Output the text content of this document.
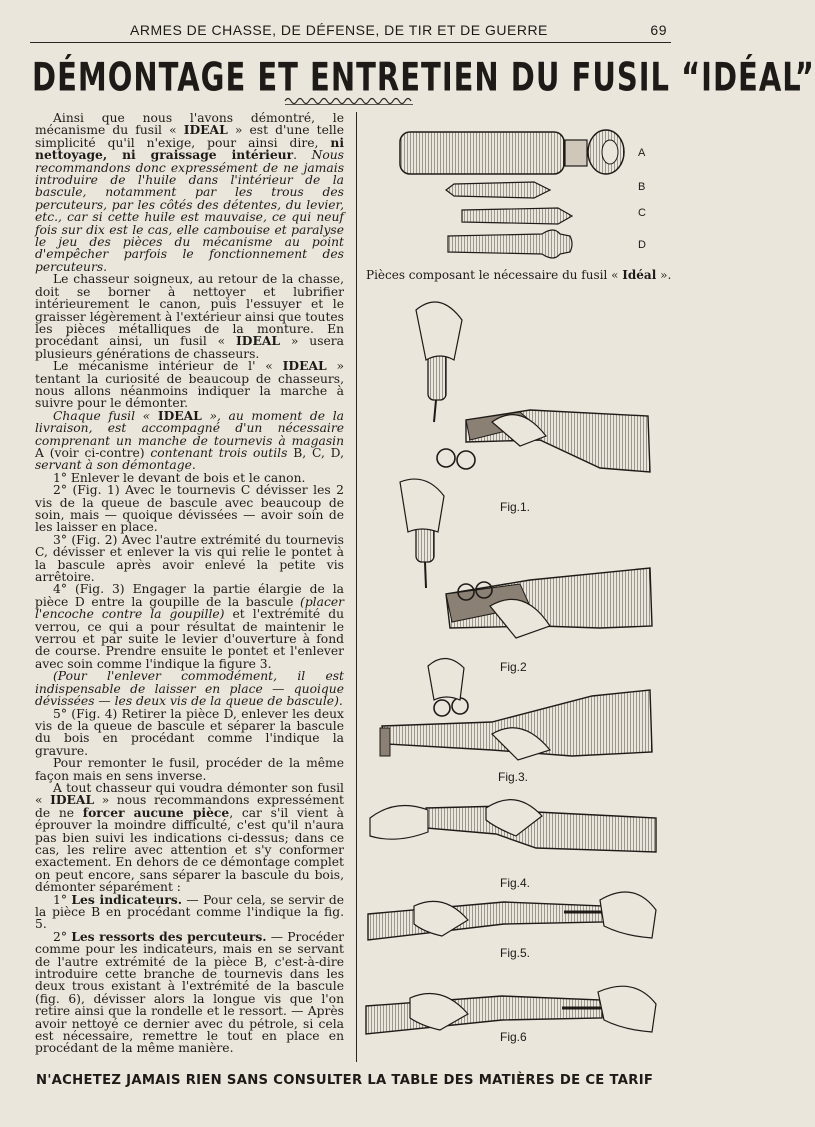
ARMES DE CHASSE, DE DÉFENSE, DE TIR ET DE GUERRE	69
DÉMONTAGE ET ENTRETIEN DU FUSIL “IDÉAL”

Ainsi que nous l'avons démontré, le mécanisme du fusil « IDEAL » est d'une telle simplicité qu'il n'exige, pour ainsi dire, ni nettoyage, ni graissage intérieur. Nous recommandons donc expressément de ne jamais introduire de l'huile dans l'intérieur de la bascule, notamment par les trous des percuteurs, par les côtés des détentes, du levier, etc., car si cette huile est mauvaise, ce qui neuf fois sur dix est le cas, elle cambouise et paralyse le jeu des pièces du mécanisme au point d'empêcher parfois le fonctionnement des percuteurs.

Le chasseur soigneux, au retour de la chasse, doit se borner à nettoyer et lubrifier intérieurement le canon, puis l'essuyer et le graisser légèrement à l'extérieur ainsi que toutes les pièces métalliques de la monture. En procédant ainsi, un fusil « IDEAL » usera plusieurs générations de chasseurs.

Le mécanisme intérieur de l' « IDEAL » tentant la curiosité de beaucoup de chasseurs, nous allons néanmoins indiquer la marche à suivre pour le démonter.

Chaque fusil « IDEAL », au moment de la livraison, est accompagné d'un nécessaire comprenant un manche de tournevis à magasin A (voir ci-contre) contenant trois outils B, C, D, servant à son démontage.

1° Enlever le devant de bois et le canon.

2° (Fig. 1) Avec le tournevis C dévisser les 2 vis de la queue de bascule avec beaucoup de soin, mais — quoique dévissées — avoir soin de les laisser en place.

3° (Fig. 2) Avec l'autre extrémité du tournevis C, dévisser et enlever la vis qui relie le pontet à la bascule après avoir enlevé la petite vis arrêtoire.

4° (Fig. 3) Engager la partie élargie de la pièce D entre la goupille de la bascule (placer l'encoche contre la goupille) et l'extrémité du verrou, ce qui a pour résultat de maintenir le verrou et par suite le levier d'ouverture à fond de course. Prendre ensuite le pontet et l'enlever avec soin comme l'indique la figure 3.

(Pour l'enlever commodément, il est indispensable de laisser en place — quoique dévissées — les deux vis de la queue de bascule).

5° (Fig. 4) Retirer la pièce D, enlever les deux vis de la queue de bascule et séparer la bascule du bois en procédant comme l'indique la gravure.

Pour remonter le fusil, procéder de la même façon mais en sens inverse.

A tout chasseur qui voudra démonter son fusil « IDEAL » nous recommandons expressément de ne forcer aucune pièce, car s'il vient à éprouver la moindre difficulté, c'est qu'il n'aura pas bien suivi les indications ci-dessus; dans ce cas, les relire avec attention et s'y conformer exactement. En dehors de ce démontage complet on peut encore, sans séparer la bascule du bois, démonter séparément :

1° Les indicateurs. — Pour cela, se servir de la pièce B en procédant comme l'indique la fig. 5.

2° Les ressorts des percuteurs. — Procéder comme pour les indicateurs, mais en se servant de l'autre extrémité de la pièce B, c'est-à-dire introduire cette branche de tournevis dans les deux trous existant à l'extrémité de la bascule (fig. 6), dévisser alors la longue vis que l'on retire ainsi que la rondelle et le ressort. — Après avoir nettoyé ce dernier avec du pétrole, si cela est nécessaire, remettre le tout en place en procédant de la même manière.

A
B
C
D
Pièces composant le nécessaire du fusil « Idéal ».
Fig.1.
Fig.2
Fig.3.
Fig.4.
Fig.5.
Fig.6
N'ACHETEZ JAMAIS RIEN SANS CONSULTER LA TABLE DES MATIÈRES DE CE TARIF
